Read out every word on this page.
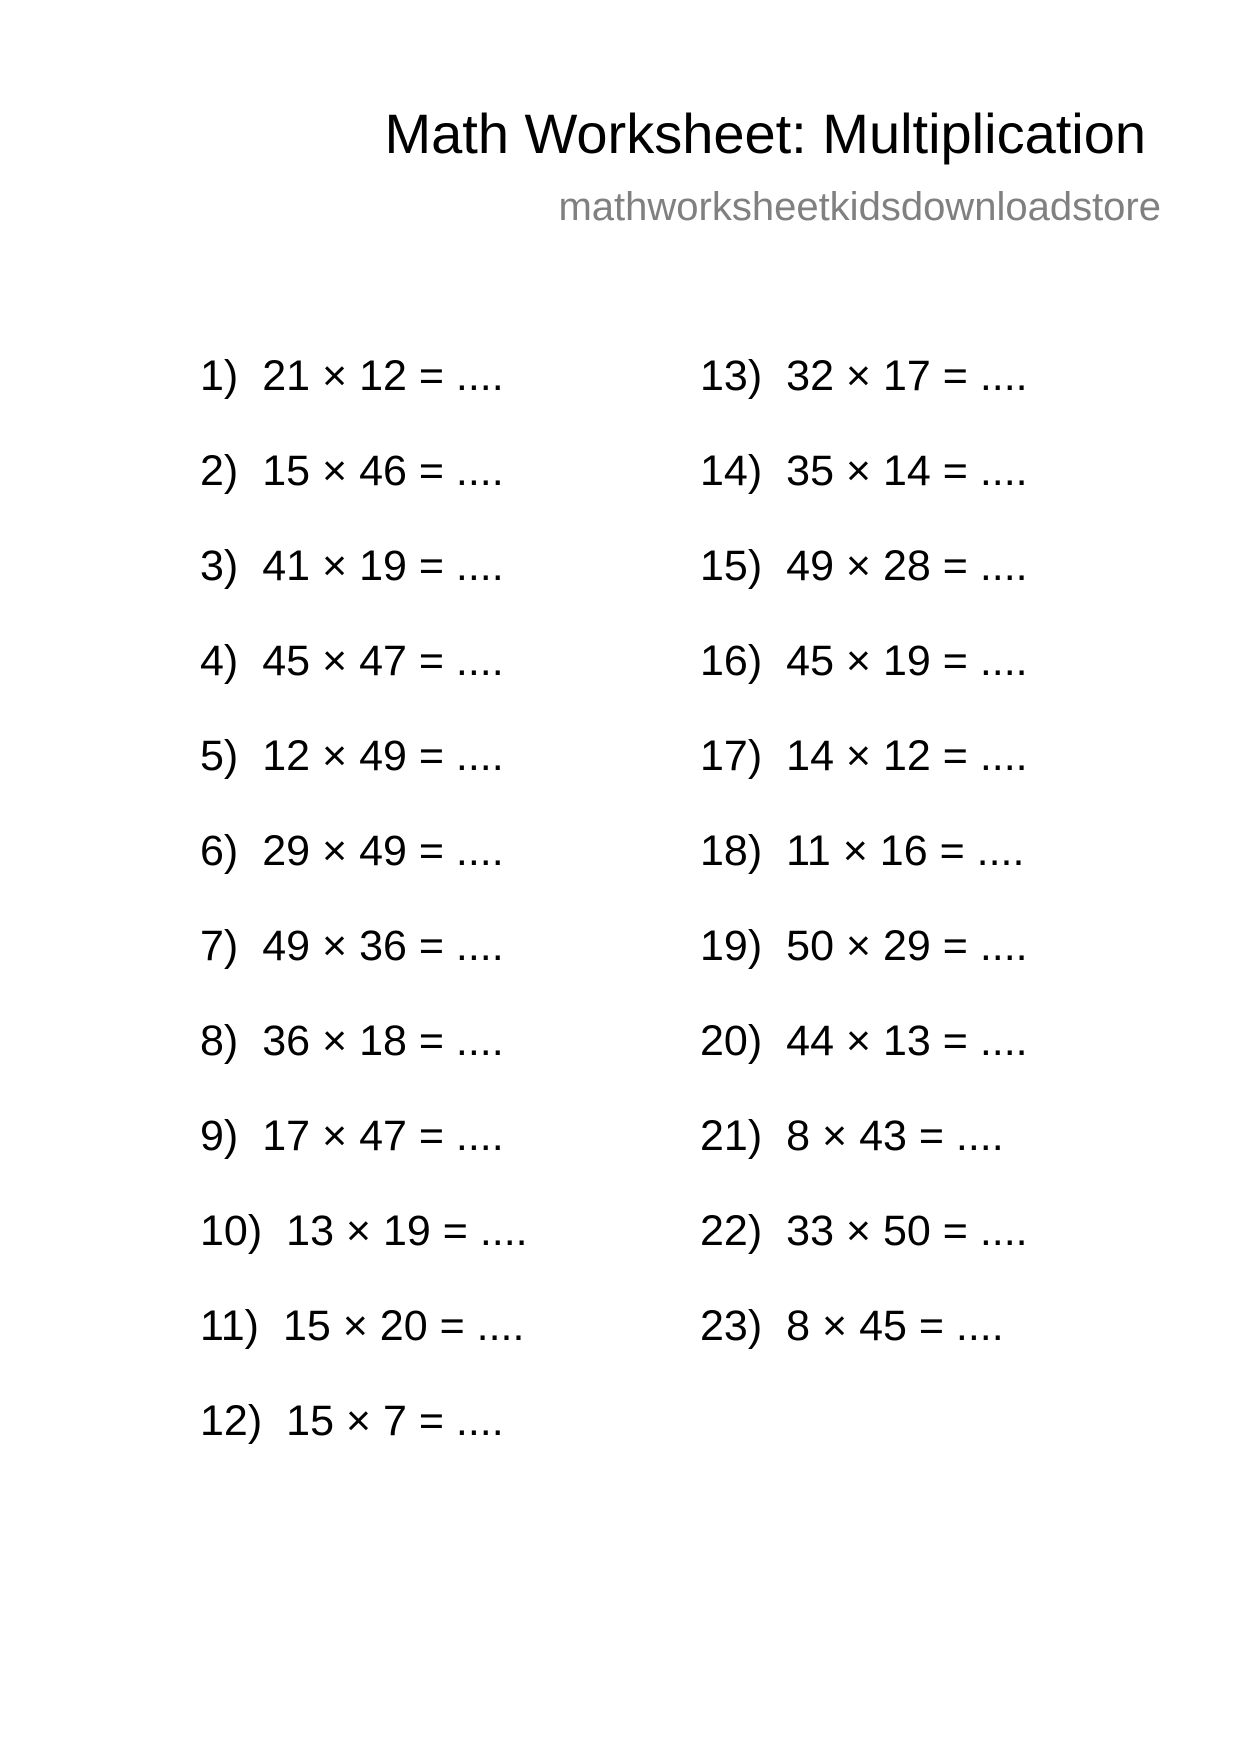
Math Worksheet: Multiplication
mathworksheetkidsdownloadstore
1) 21 × 12 = ....
2) 15 × 46 = ....
3) 41 × 19 = ....
4) 45 × 47 = ....
5) 12 × 49 = ....
6) 29 × 49 = ....
7) 49 × 36 = ....
8) 36 × 18 = ....
9) 17 × 47 = ....
10) 13 × 19 = ....
11) 15 × 20 = ....
12) 15 × 7 = ....
13) 32 × 17 = ....
14) 35 × 14 = ....
15) 49 × 28 = ....
16) 45 × 19 = ....
17) 14 × 12 = ....
18) 11 × 16 = ....
19) 50 × 29 = ....
20) 44 × 13 = ....
21) 8 × 43 = ....
22) 33 × 50 = ....
23) 8 × 45 = ....
